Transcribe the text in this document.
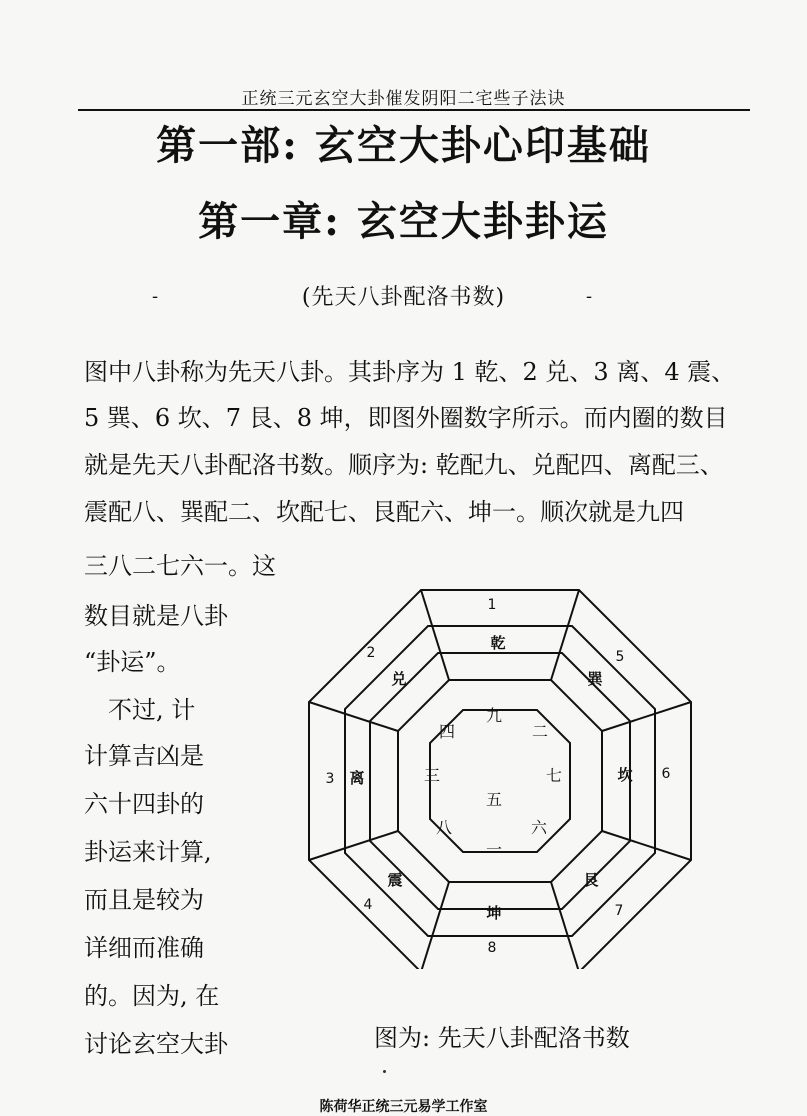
正统三元玄空大卦催发阴阳二宅些子法诀
第一部: 玄空大卦心印基础
第一章: 玄空大卦卦运
-	(先天八卦配洛书数)	-
图中八卦称为先天八卦。其卦序为 1 乾、2 兑、3 离、4 震、
5 巽、6 坎、7 艮、8 坤，即图外圈数字所示。而内圈的数目
就是先天八卦配洛书数。顺序为: 乾配九、兑配四、离配三、
震配八、巽配二、坎配七、艮配六、坤一。顺次就是九四
三八二七六一。这
数目就是八卦
“卦运”。
　不过, 计
计算吉凶是
六十四卦的
卦运来计算,
而且是较为
详细而准确
的。因为, 在
讨论玄空大卦
1
2
3
4
5
6
7
8
乾
兑
离
震
巽
坎
艮
坤
九
四
三
八
二
七
六
一
五
图为: 先天八卦配洛书数
陈荷华正统三元易学工作室
